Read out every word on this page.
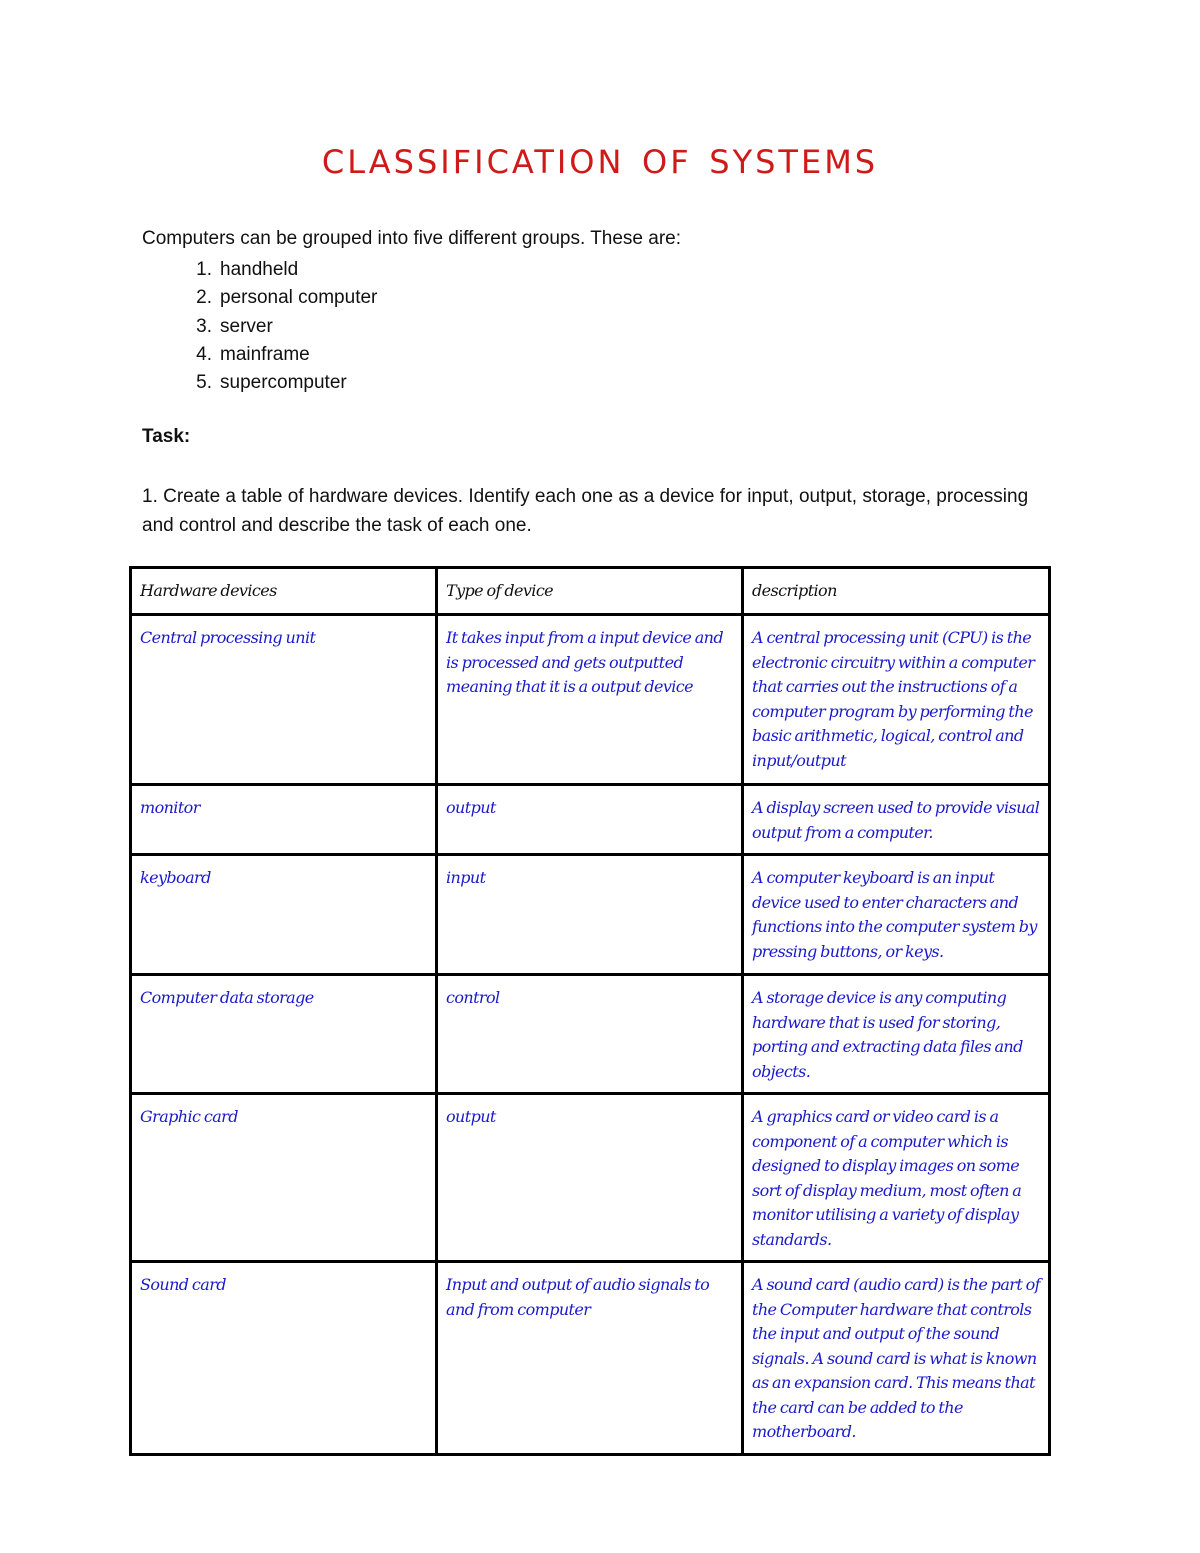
classification of systems

Computers can be grouped into five different groups. These are:

1 . handheld
2 . personal computer
3 . server
4 . mainframe
5 . supercomputer

Task:

1. Create a table of hardware devices. Identify each one as a device for input, output, storage, processing and control and describe the task of each one.

Hardware devices	Type of device	description
Central processing unit	It takes input from a input device and is processed and gets outputted meaning that it is a output device	A central processing unit (CPU) is the electronic circuitry within a computer that carries out the instructions of a computer program by performing the basic arithmetic, logical, control and input/output
monitor	output	A display screen used to provide visual output from a computer.
keyboard	input	A computer keyboard is an input device used to enter characters and functions into the computer system by pressing buttons, or keys.
Computer data storage	control	A storage device is any computing hardware that is used for storing, porting and extracting data files and objects.
Graphic card	output	A graphics card or video card is a component of a computer which is designed to display images on some sort of display medium, most often a monitor utilising a variety of display standards.
Sound card	Input and output of audio signals to and from computer	A sound card (audio card) is the part of the Computer hardware that controls the input and output of the sound signals. A sound card is what is known as an expansion card. This means that the card can be added to the motherboard.
